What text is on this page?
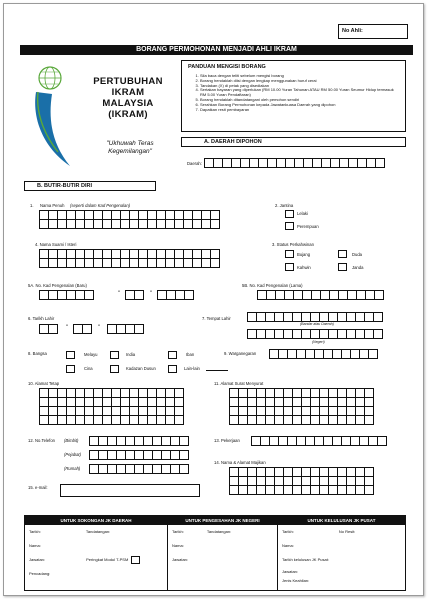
No Ahli:
BORANG PERMOHONAN MENJADI AHLI IKRAM
PERTUBUHAN
IKRAM
MALAYSIA
(IKRAM)
"Ukhuwah Teras
Kegemilangan"
PANDUAN MENGISI BORANG
1. Sila baca dengan teliti sebelum mengisi borang
2. Borang hendaklah diisi dengan lengkap menggunakan huruf cerai
3. Tandakan (X) di petak yang disediakan
4. Sertakan bayaran yang diperlukan (RM 10.00 Yuran Tahunan ATAU RM 50.00 Yuran Seumur Hidup termasuk RM 5.00 Yuran Pendaftaran)
5. Borang hendaklah ditandatangani oleh pemohon sendiri
6. Serahkan Borang Permohonan kepada Jawatankuasa Daerah yang dipohon
7. Dapatkan resit pembayaran
A. DAERAH DIPOHON
Daerah:
B. BUTIR-BUTIR DIRI
1. Nama Penuh (seperti dalam Kad Pengenalan)	2. Jantina
Lelaki
Perempuan
3. Status Perkahwinan
Bujang	Duda
Kahwin	Janda
4. Nama Suami / Isteri
5A. No. Kad Pengenalan (Baru)
-	-
5B. No. Kad Pengenalan (Lama)
6. Tarikh Lahir
-	-
7. Tempat Lahir
(Bandar atau Daerah)
(Negeri)
8. Bangsa	Melayu	India	Iban
Cina	Kadazan Dusun	Lain-lain
9. Warganegaran
10. Alamat Tetap	11. Alamat Surat Menyurat
12. No.Telefon (Bimbit)
(Pejabat)
(Rumah)
13. Pekerjaan
14. Nama & Alamat Majikan
15. e-mail:
UNTUK SOKONGAN JK DAERAH
Tarikh:	Tandatangan:
Nama:
Jawatan:	Peringkat Modul T-PSM
Pencadang:
UNTUK PENGESAHAN JK NEGERI
Tarikh:	Tandatangan:
Nama:
Jawatan:
UNTUK KELULUSAN JK PUSAT
Tarikh:	No Resit:
Nama:
Tarikh kelulusan JK Pusat:
Jawatan:
Jenis Keahlian:
